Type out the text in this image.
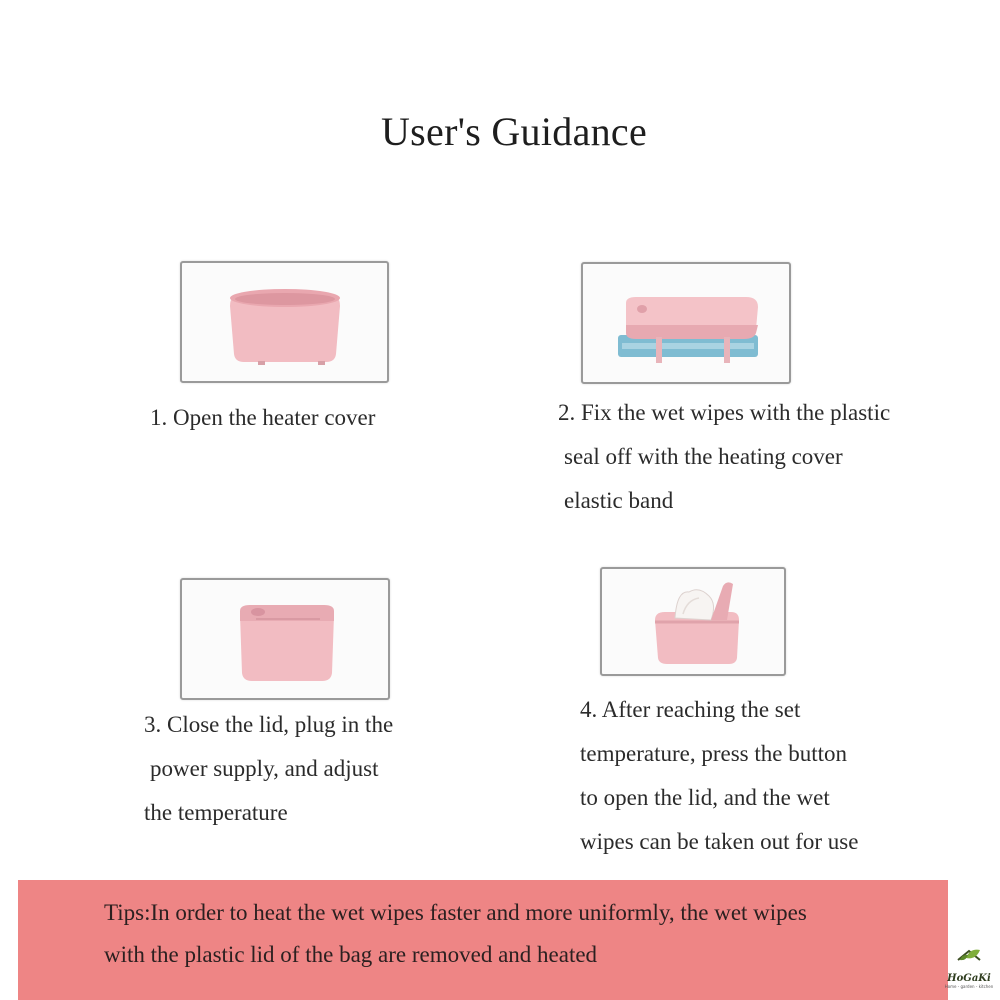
User's Guidance
1. Open the heater cover	2. Fix the wet wipes with the plastic
seal off with the heating cover
elastic band
3. Close the lid, plug in the
power supply, and adjust
the temperature
4. After reaching the set
temperature, press the button
to open the lid, and the wet
wipes can be taken out for use
Tips:In order to heat the wet wipes faster and more uniformly, the wet wipes
with the plastic lid of the bag are removed and heated
HoGaKi
Home - garden - kitchen
